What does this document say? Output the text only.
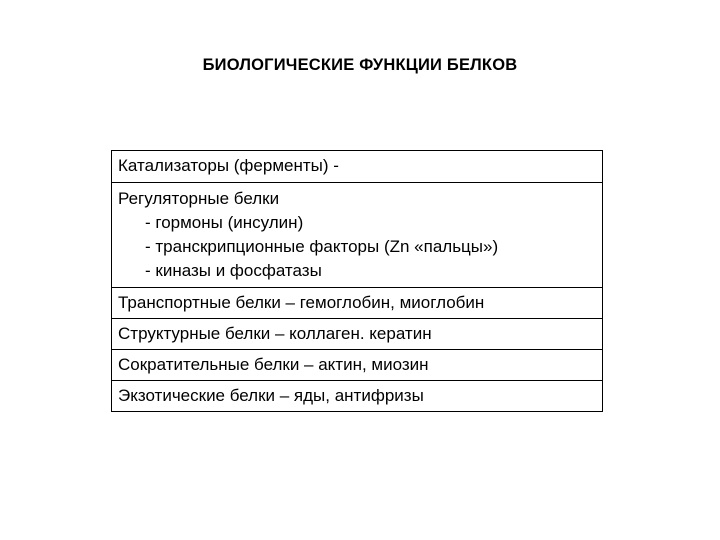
БИОЛОГИЧЕСКИЕ ФУНКЦИИ БЕЛКОВ
Катализаторы (ферменты) -
Регуляторные белки
- гормоны (инсулин)
- транскрипционные факторы (Zn «пальцы»)
- киназы и фосфатазы
Транспортные белки – гемоглобин, миоглобин
Структурные белки – коллаген. кератин
Сократительные белки – актин, миозин
Экзотические белки – яды, антифризы
